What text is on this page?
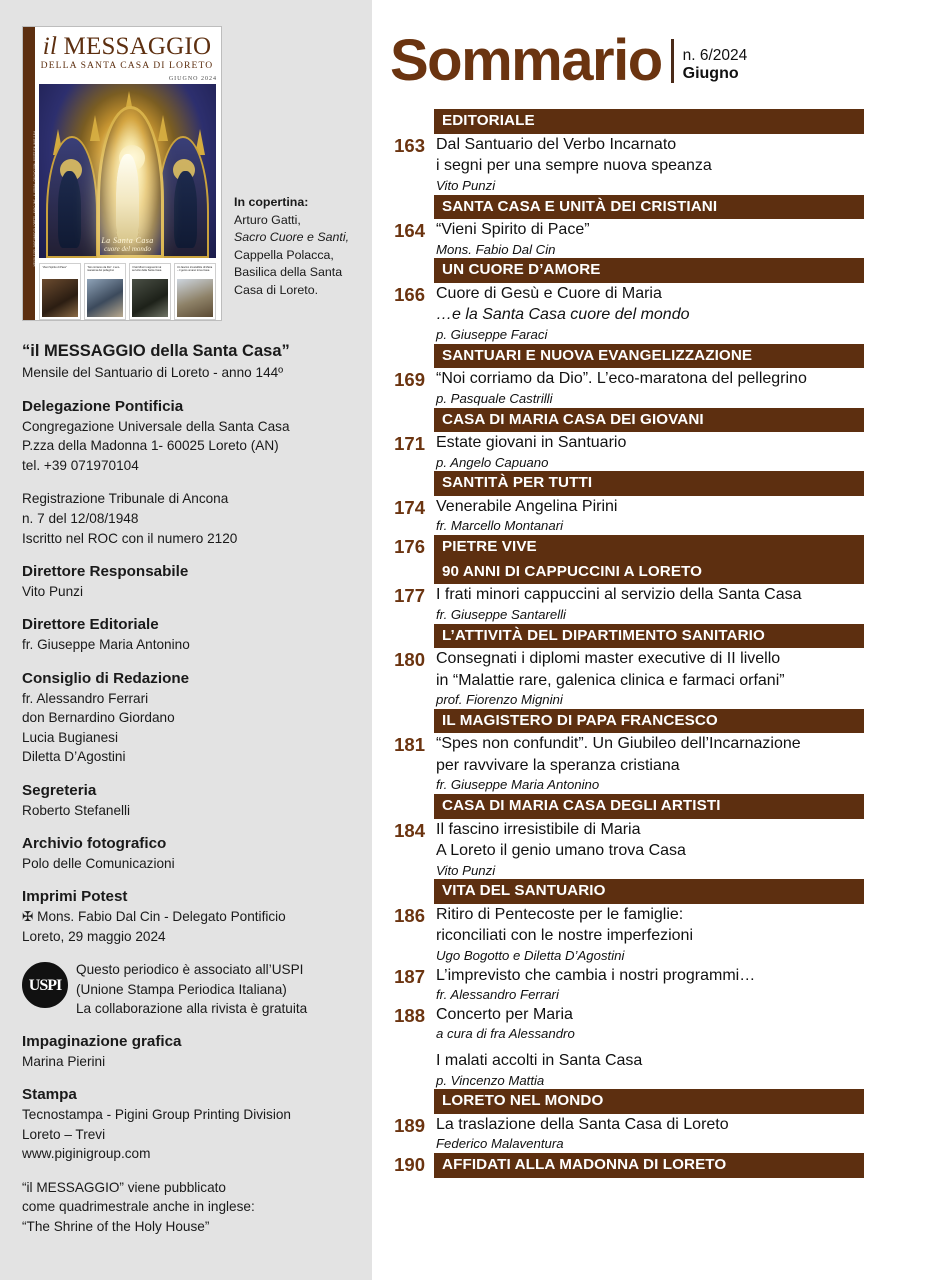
MENSILE DEL SANTUARIO DI LORETO - ANNO 144° - N. 6/2024 - GIUGNO 2024 - POSTE ITALIANE S.P.A.
il MESSAGGIO
DELLA SANTA CASA DI LORETO
GIUGNO 2024
La Santa Casa
cuore del mondo
“Vieni Spirito di Pace”	“Noi corriamo da Dio”. L’eco-maratona del pellegrino
I frati Minori cappuccini al servizio della Santa Casa
Un fascino irresistibile di Maria – il genio umano trova Casa
In copertina:
Arturo Gatti,
Sacro Cuore e Santi,
Cappella Polacca,
Basilica della Santa
Casa di Loreto.
“il MESSAGGIO della Santa Casa”

Mensile del Santuario di Loreto - anno 144º

Delegazione Pontificia

Congregazione Universale della Santa Casa

P.zza della Madonna 1- 60025 Loreto (AN)

tel. +39 071970104

Registrazione Tribunale di Ancona

n. 7 del 12/08/1948

Iscritto nel ROC con il numero 2120

Direttore Responsabile

Vito Punzi

Direttore Editoriale

fr. Giuseppe Maria Antonino

Consiglio di Redazione

fr. Alessandro Ferrari

don Bernardino Giordano

Lucia Bugianesi

Diletta D’Agostini

Segreteria

Roberto Stefanelli

Archivio fotografico

Polo delle Comunicazioni

Imprimi Potest

✠ Mons. Fabio Dal Cin - Delegato Pontificio

Loreto, 29 maggio 2024

USPI

Questo periodico è associato all’USPI

(Unione Stampa Periodica Italiana)

La collaborazione alla rivista è gratuita

Impaginazione grafica

Marina Pierini

Stampa

Tecnostampa - Pigini Group Printing Division

Loreto – Trevi

www.piginigroup.com

“il MESSAGGIO” viene pubblicato

come quadrimestrale anche in inglese:

“The Shrine of the Holy House”

Sommario n. 6/2024
Giugno
EDITORIALE
163 Dal Santuario del Verbo Incarnato
i segni per una sempre nuova speanza
Vito Punzi
SANTA CASA E UNITÀ DEI CRISTIANI
164 “Vieni Spirito di Pace”
Mons. Fabio Dal Cin
UN CUORE D’AMORE
166 Cuore di Gesù e Cuore di Maria
…e la Santa Casa cuore del mondo
p. Giuseppe Faraci
SANTUARI E NUOVA EVANGELIZZAZIONE
169 “Noi corriamo da Dio”. L’eco-maratona del pellegrino
p. Pasquale Castrilli
CASA DI MARIA CASA DEI GIOVANI
171 Estate giovani in Santuario
p. Angelo Capuano
SANTITÀ PER TUTTI
174 Venerabile Angelina Pirini
fr. Marcello Montanari
176	PIETRE VIVE
90 ANNI DI CAPPUCCINI A LORETO
177 I frati minori cappuccini al servizio della Santa Casa
fr. Giuseppe Santarelli
L’ATTIVITÀ DEL DIPARTIMENTO SANITARIO
180 Consegnati i diplomi master executive di II livello
in “Malattie rare, galenica clinica e farmaci orfani”
prof. Fiorenzo Mignini
IL MAGISTERO DI PAPA FRANCESCO
181 “Spes non confundit”. Un Giubileo dell’Incarnazione
per ravvivare la speranza cristiana
fr. Giuseppe Maria Antonino
CASA DI MARIA CASA DEGLI ARTISTI
184 Il fascino irresistibile di Maria
A Loreto il genio umano trova Casa
Vito Punzi
VITA DEL SANTUARIO
186 Ritiro di Pentecoste per le famiglie:
riconciliati con le nostre imperfezioni
Ugo Bogotto e Diletta D’Agostini
187 L’imprevisto che cambia i nostri programmi…
fr. Alessandro Ferrari
188 Concerto per Maria
a cura di fra Alessandro
I malati accolti in Santa Casa
p. Vincenzo Mattia
LORETO NEL MONDO
189 La traslazione della Santa Casa di Loreto
Federico Malaventura
190	AFFIDATI ALLA MADONNA DI LORETO
